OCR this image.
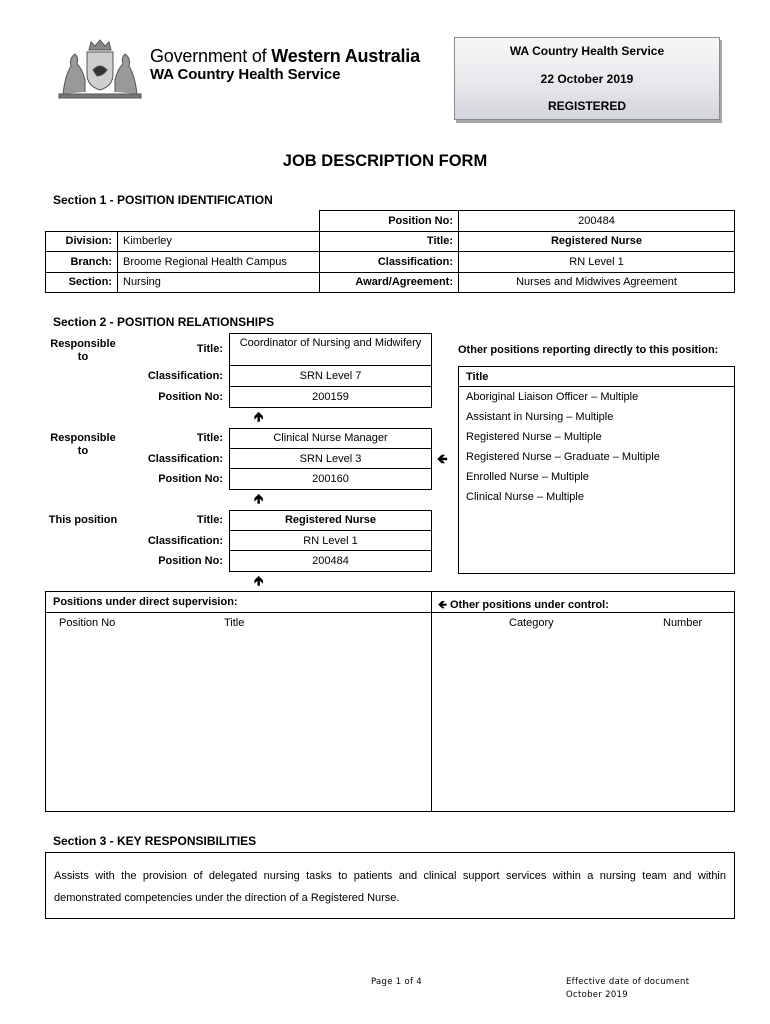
Government of Western Australia
WA Country Health Service
WA Country Health Service
22 October 2019
REGISTERED
JOB DESCRIPTION FORM
Section 1 - POSITION IDENTIFICATION
		Position No:	200484
Division:	Kimberley	Title:	Registered Nurse
Branch:	Broome Regional Health Campus	Classification:	RN Level 1
Section:	Nursing	Award/Agreement:	Nurses and Midwives Agreement
Section 2 - POSITION RELATIONSHIPS
Responsible to
Title:	Coordinator of Nursing and Midwifery
Classification:	SRN Level 7
Position No:	200159
🡹
Responsible to
Title:	Clinical Nurse Manager
Classification:	SRN Level 3
Position No:	200160
🡸
🡹
This position	Title:	Registered Nurse
Classification:	RN Level 1
Position No:	200484
🡹
Other positions reporting directly to this position:
Title
Aboriginal Liaison Officer – Multiple
Assistant in Nursing – Multiple
Registered Nurse – Multiple
Registered Nurse – Graduate – Multiple
Enrolled Nurse – Multiple
Clinical Nurse – Multiple
Positions under direct supervision:	🡸 Other positions under control:
Position No	Title	Category	Number
Section 3 - KEY RESPONSIBILITIES
Assists with the provision of delegated nursing tasks to patients and clinical support services within a nursing team and within demonstrated competencies under the direction of a Registered Nurse.
Page 1 of 4	Effective date of document
October 2019
